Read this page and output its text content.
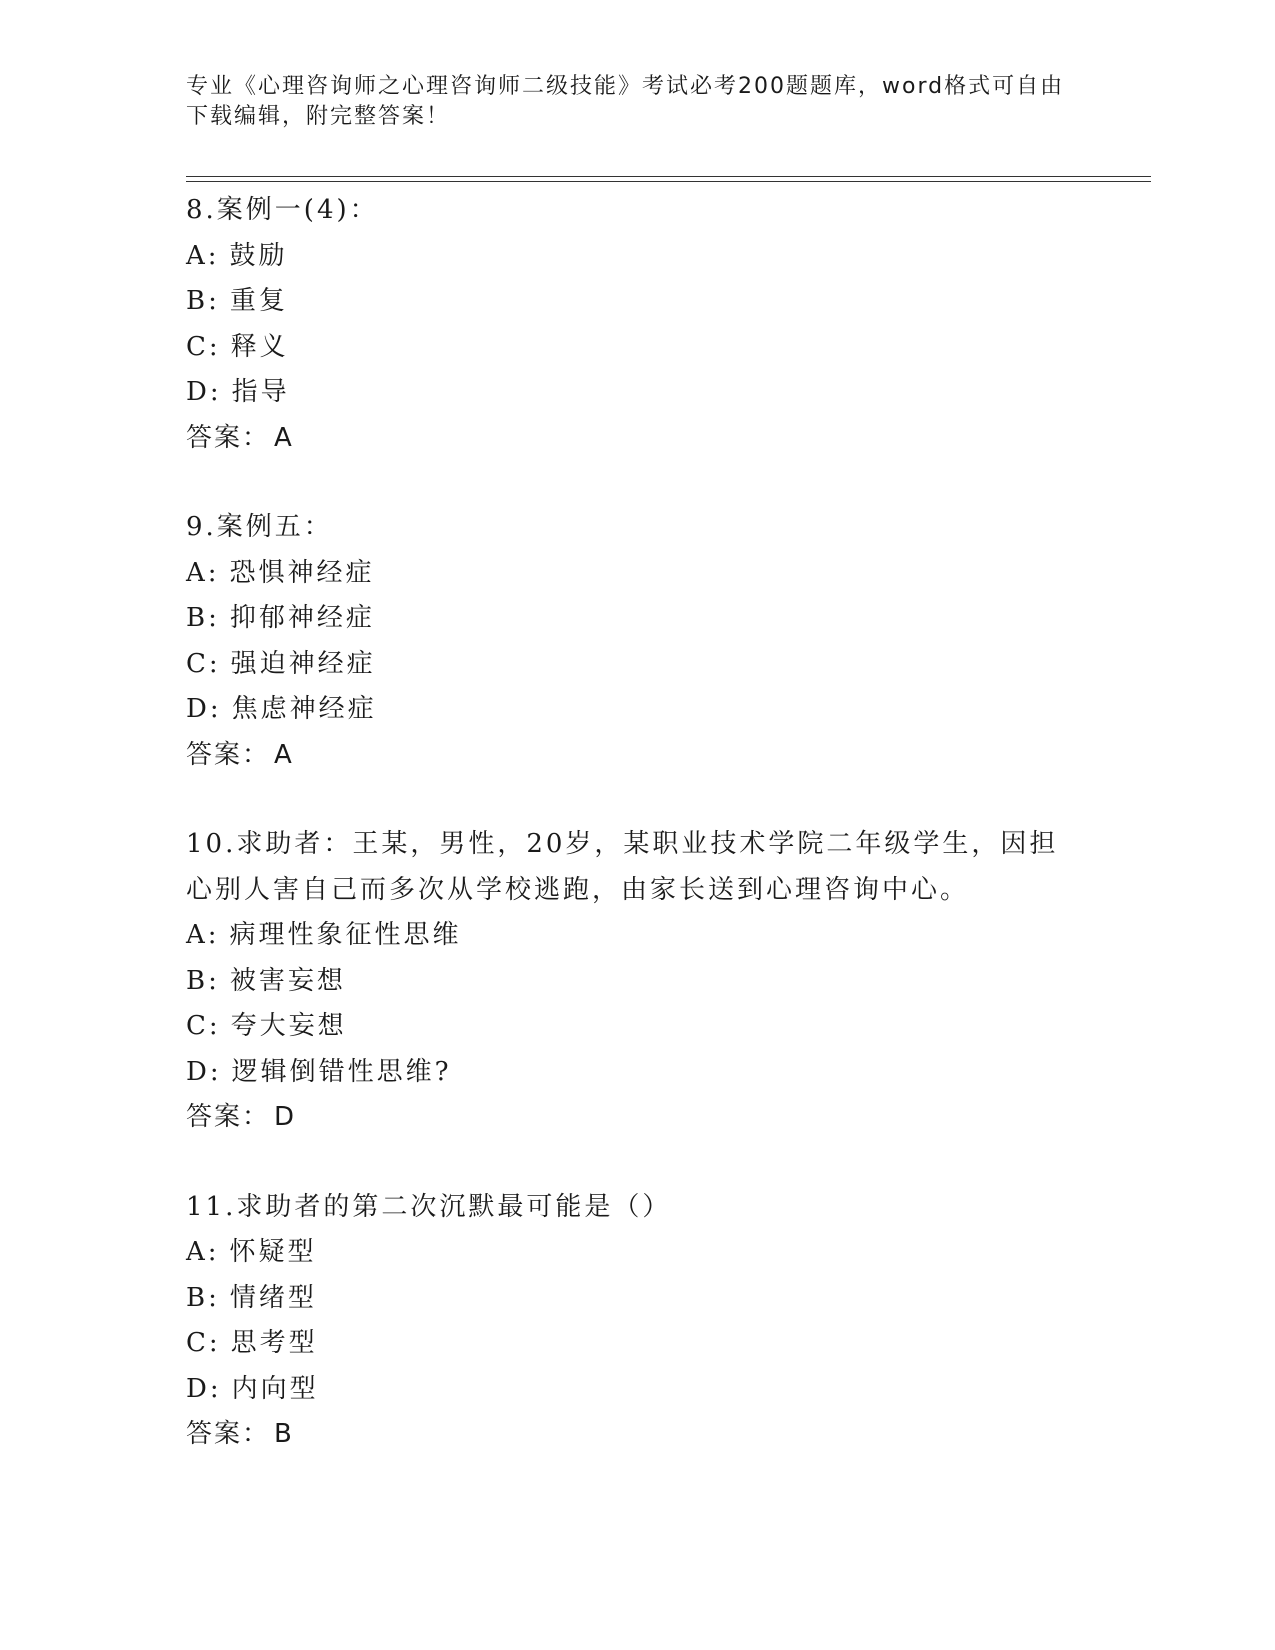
专业《心理咨询师之心理咨询师二级技能》考试必考200题题库，word格式可自由下载编辑，附完整答案！
8.案例一(4)：
A: 鼓励
B: 重复
C: 释义
D: 指导
答案： A
9.案例五：
A: 恐惧神经症
B: 抑郁神经症
C: 强迫神经症
D: 焦虑神经症
答案： A
10.求助者：王某，男性，20岁，某职业技术学院二年级学生，因担心别人害自己而多次从学校逃跑，由家长送到心理咨询中心。
A: 病理性象征性思维
B: 被害妄想
C: 夸大妄想
D: 逻辑倒错性思维?
答案： D
11.求助者的第二次沉默最可能是（）
A: 怀疑型
B: 情绪型
C: 思考型
D: 内向型
答案： B
